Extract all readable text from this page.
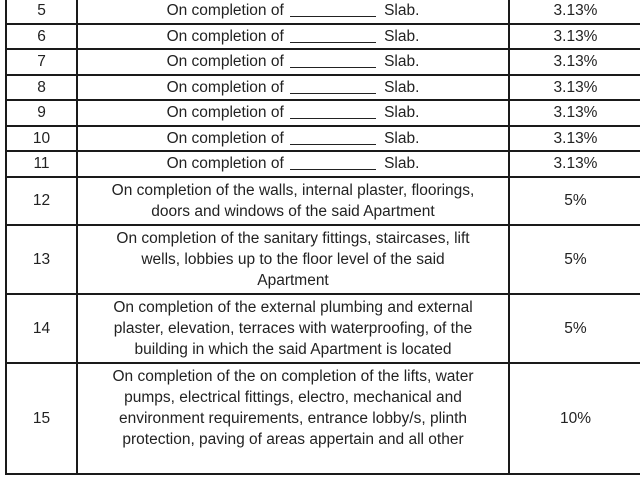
5	On completion of Slab.	3.13%
6	On completion of Slab.	3.13%
7	On completion of Slab.	3.13%
8	On completion of Slab.	3.13%
9	On completion of Slab.	3.13%
10	On completion of Slab.	3.13%
11	On completion of Slab.	3.13%
12	On completion of the walls, internal plaster, floorings,
doors and windows of the said Apartment	5%
13	On completion of the sanitary fittings, staircases, lift
wells, lobbies up to the floor level of the said
Apartment	5%
14	On completion of the external plumbing and external
plaster, elevation, terraces with waterproofing, of the
building in which the said Apartment is located	5%
15	On completion of the on completion of the lifts, water
pumps, electrical fittings, electro, mechanical and
environment requirements, entrance lobby/s, plinth
protection, paving of areas appertain and all other	10%
